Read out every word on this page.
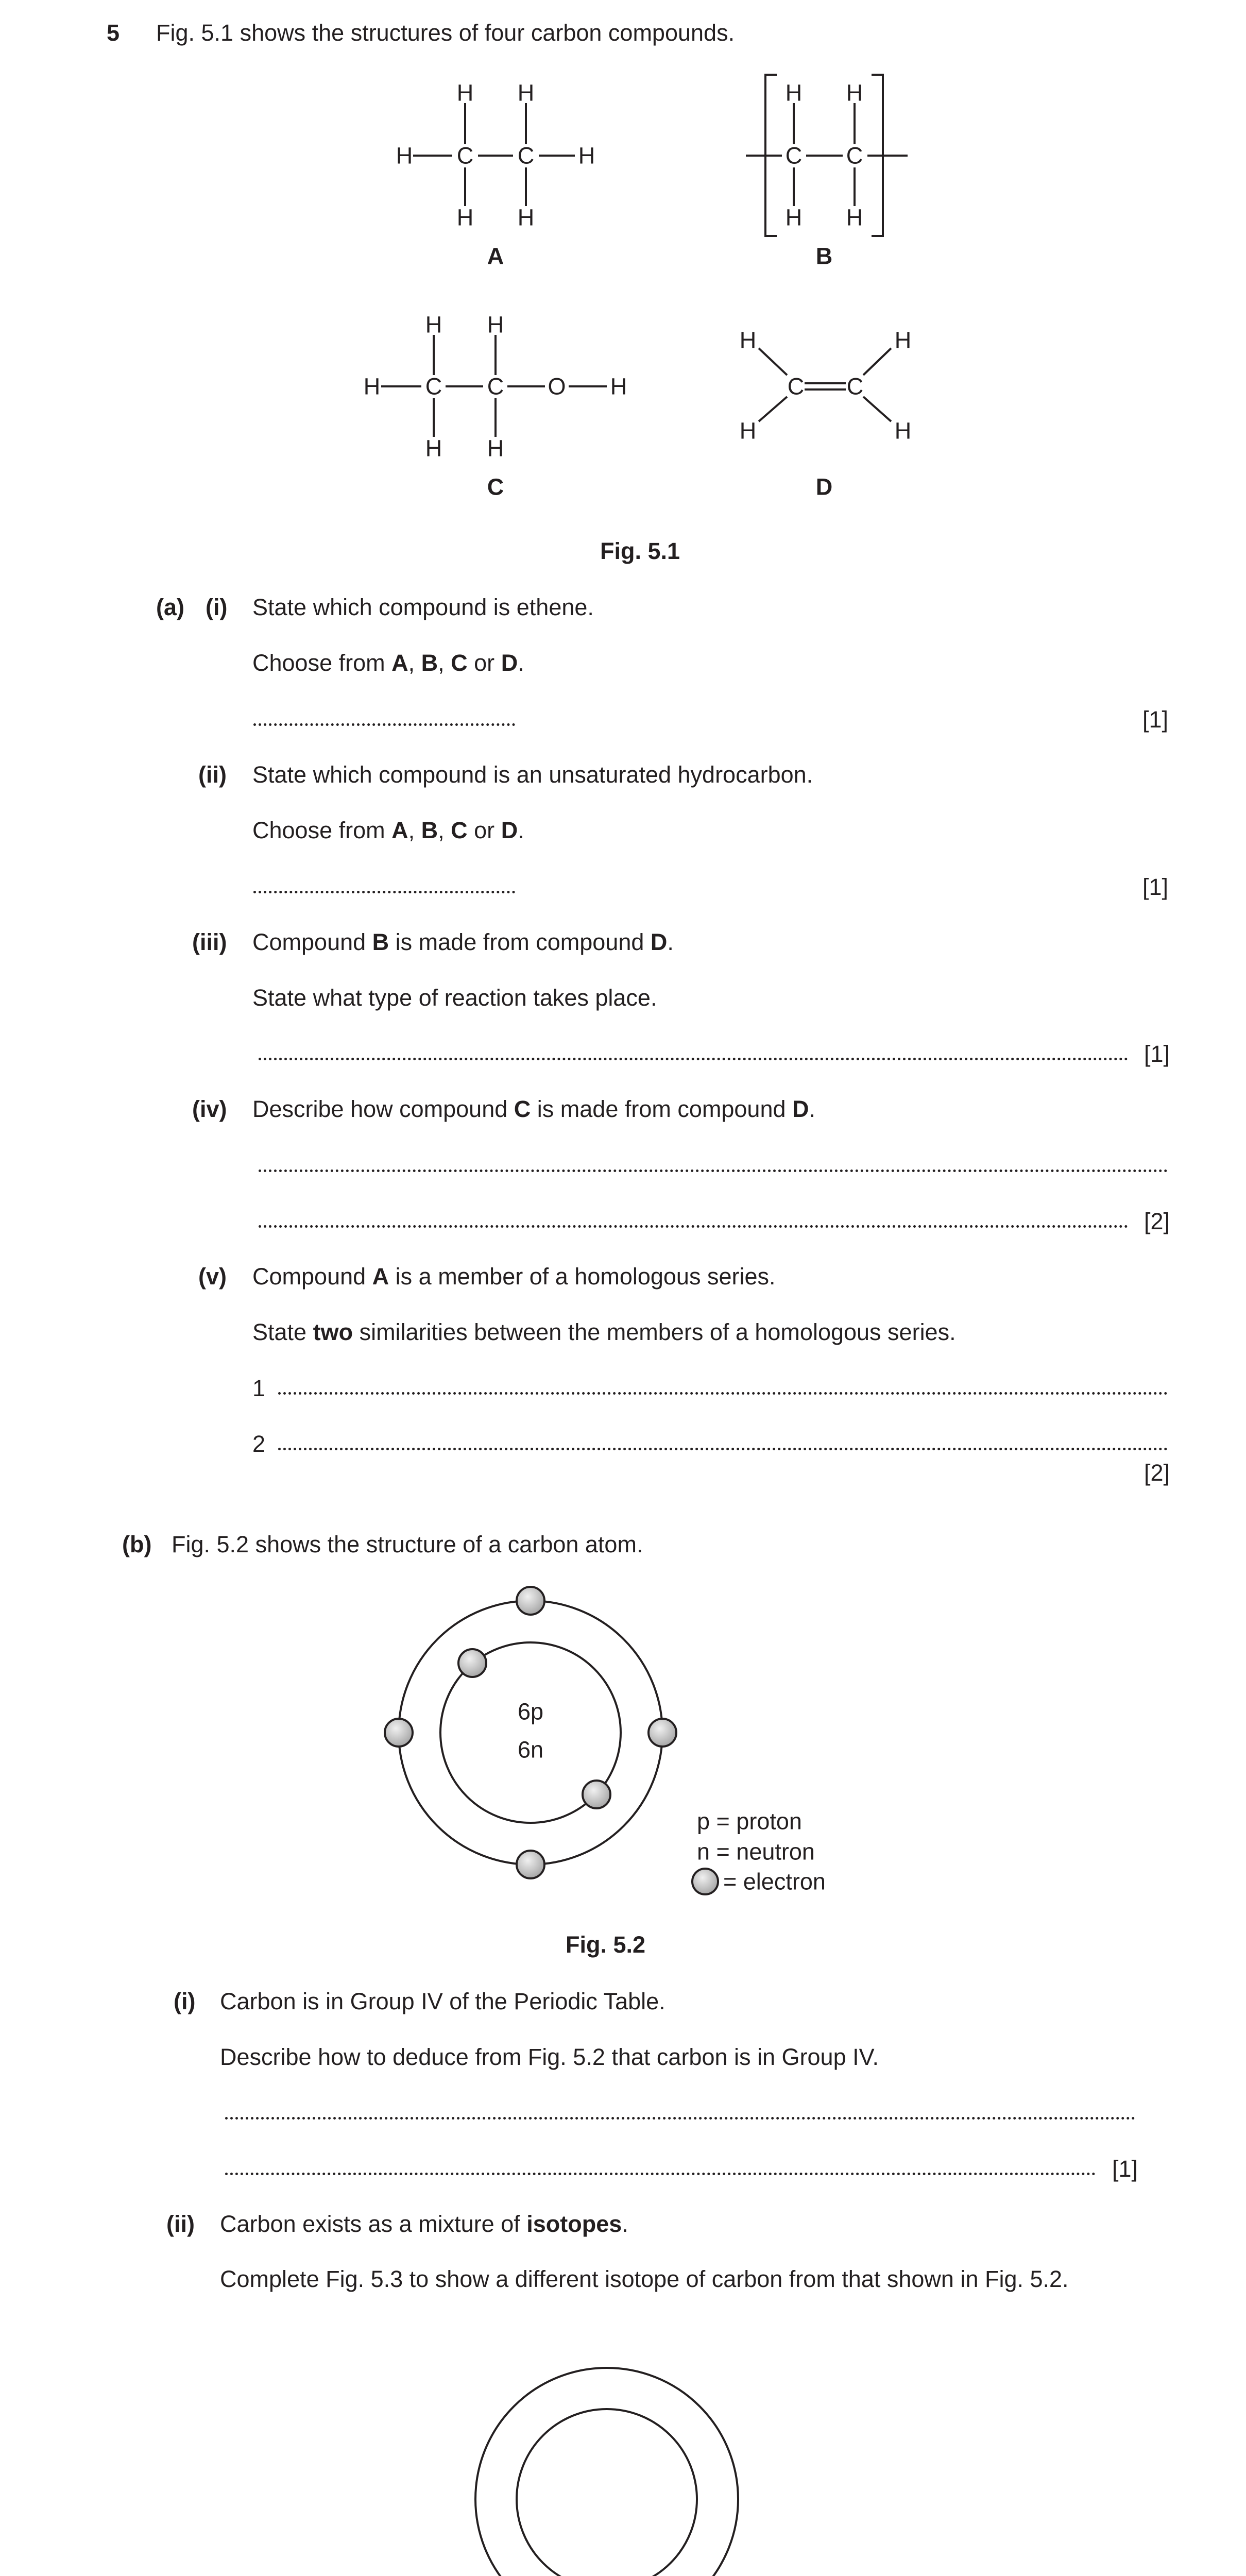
5 Fig. 5.1 shows the structures of four carbon compounds.
H H
H C C H
H H
H H
C C
H H
H H
H C C O H
H H
H	H
C C
H	H
A	B
C	D
Fig. 5.1
(a) (i) State which compound is ethene.
Choose from A, B, C or D.
[1]
(ii) State which compound is an unsaturated hydrocarbon.
Choose from A, B, C or D.
[1]
(iii) Compound B is made from compound D.
State what type of reaction takes place.
[1]
(iv) Describe how compound C is made from compound D.
[2]
(v) Compound A is a member of a homologous series.
State two similarities between the members of a homologous series.
1
2
[2]
(b) Fig. 5.2 shows the structure of a carbon atom.
6p
6n
p = proton
n = neutron
= electron
Fig. 5.2
(i) Carbon is in Group IV of the Periodic Table.
Describe how to deduce from Fig. 5.2 that carbon is in Group IV.
[1]
(ii) Carbon exists as a mixture of isotopes.
Complete Fig. 5.3 to show a different isotope of carbon from that shown in Fig. 5.2.
